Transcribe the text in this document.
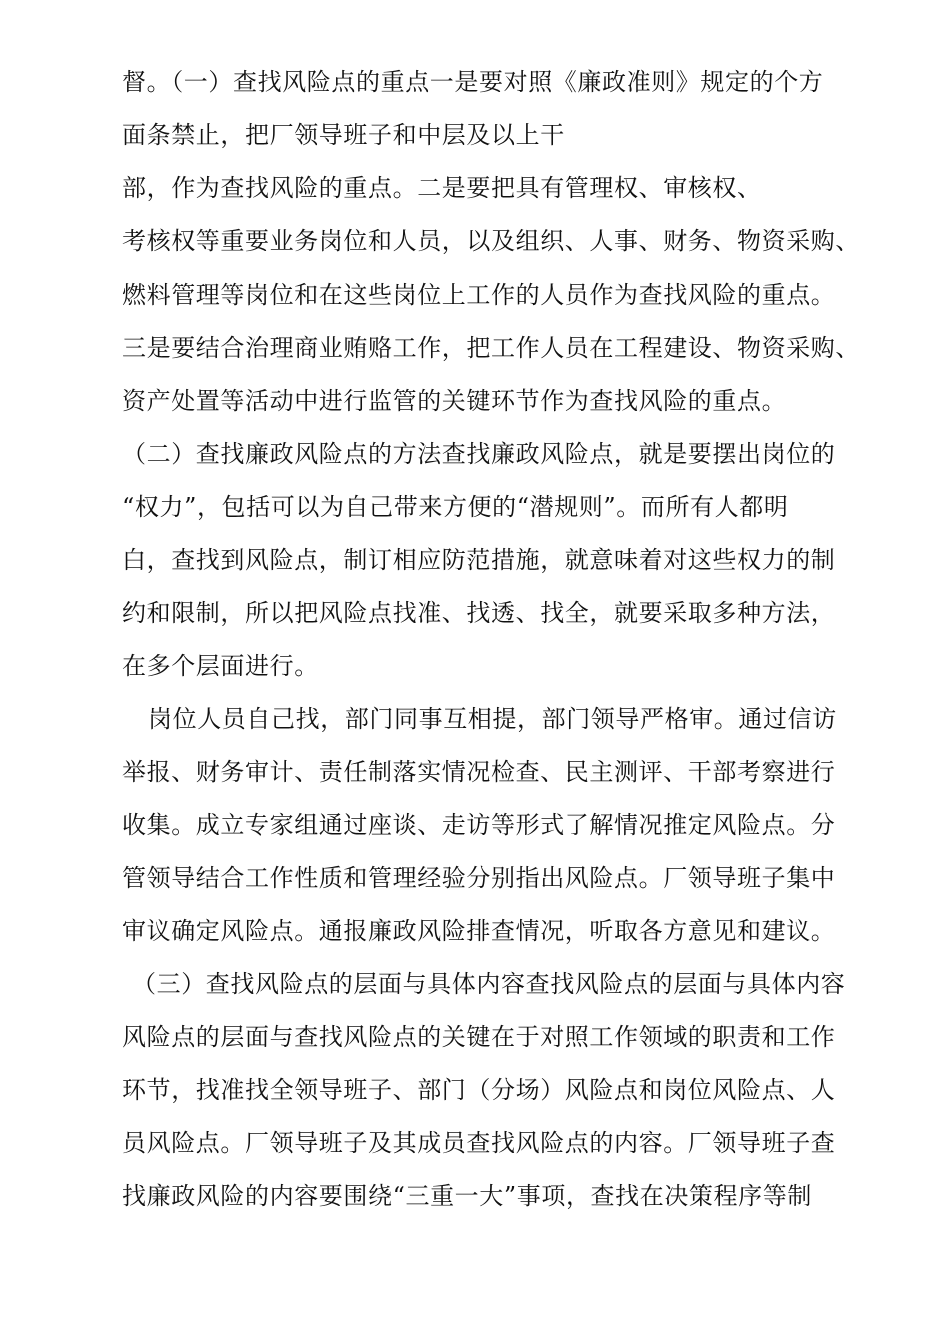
督。（一）查找风险点的重点一是要对照《廉政准则》规定的个方
面条禁止，把厂领导班子和中层及以上干
部，作为查找风险的重点。二是要把具有管理权、审核权、
考核权等重要业务岗位和人员，以及组织、人事、财务、物资采购、
燃料管理等岗位和在这些岗位上工作的人员作为查找风险的重点。
三是要结合治理商业贿赂工作，把工作人员在工程建设、物资采购、
资产处置等活动中进行监管的关键环节作为查找风险的重点。
（二）查找廉政风险点的方法查找廉政风险点，就是要摆出岗位的
“权力”，包括可以为自己带来方便的“潜规则”。而所有人都明
白，查找到风险点，制订相应防范措施，就意味着对这些权力的制
约和限制，所以把风险点找准、找透、找全，就要采取多种方法，
在多个层面进行。
岗位人员自己找，部门同事互相提，部门领导严格审。通过信访
举报、财务审计、责任制落实情况检查、民主测评、干部考察进行
收集。成立专家组通过座谈、走访等形式了解情况推定风险点。分
管领导结合工作性质和管理经验分别指出风险点。厂领导班子集中
审议确定风险点。通报廉政风险排查情况，听取各方意见和建议。
（三）查找风险点的层面与具体内容查找风险点的层面与具体内容
风险点的层面与查找风险点的关键在于对照工作领域的职责和工作
环节，找准找全领导班子、部门（分场）风险点和岗位风险点、人
员风险点。厂领导班子及其成员查找风险点的内容。厂领导班子查
找廉政风险的内容要围绕“三重一大”事项，查找在决策程序等制
